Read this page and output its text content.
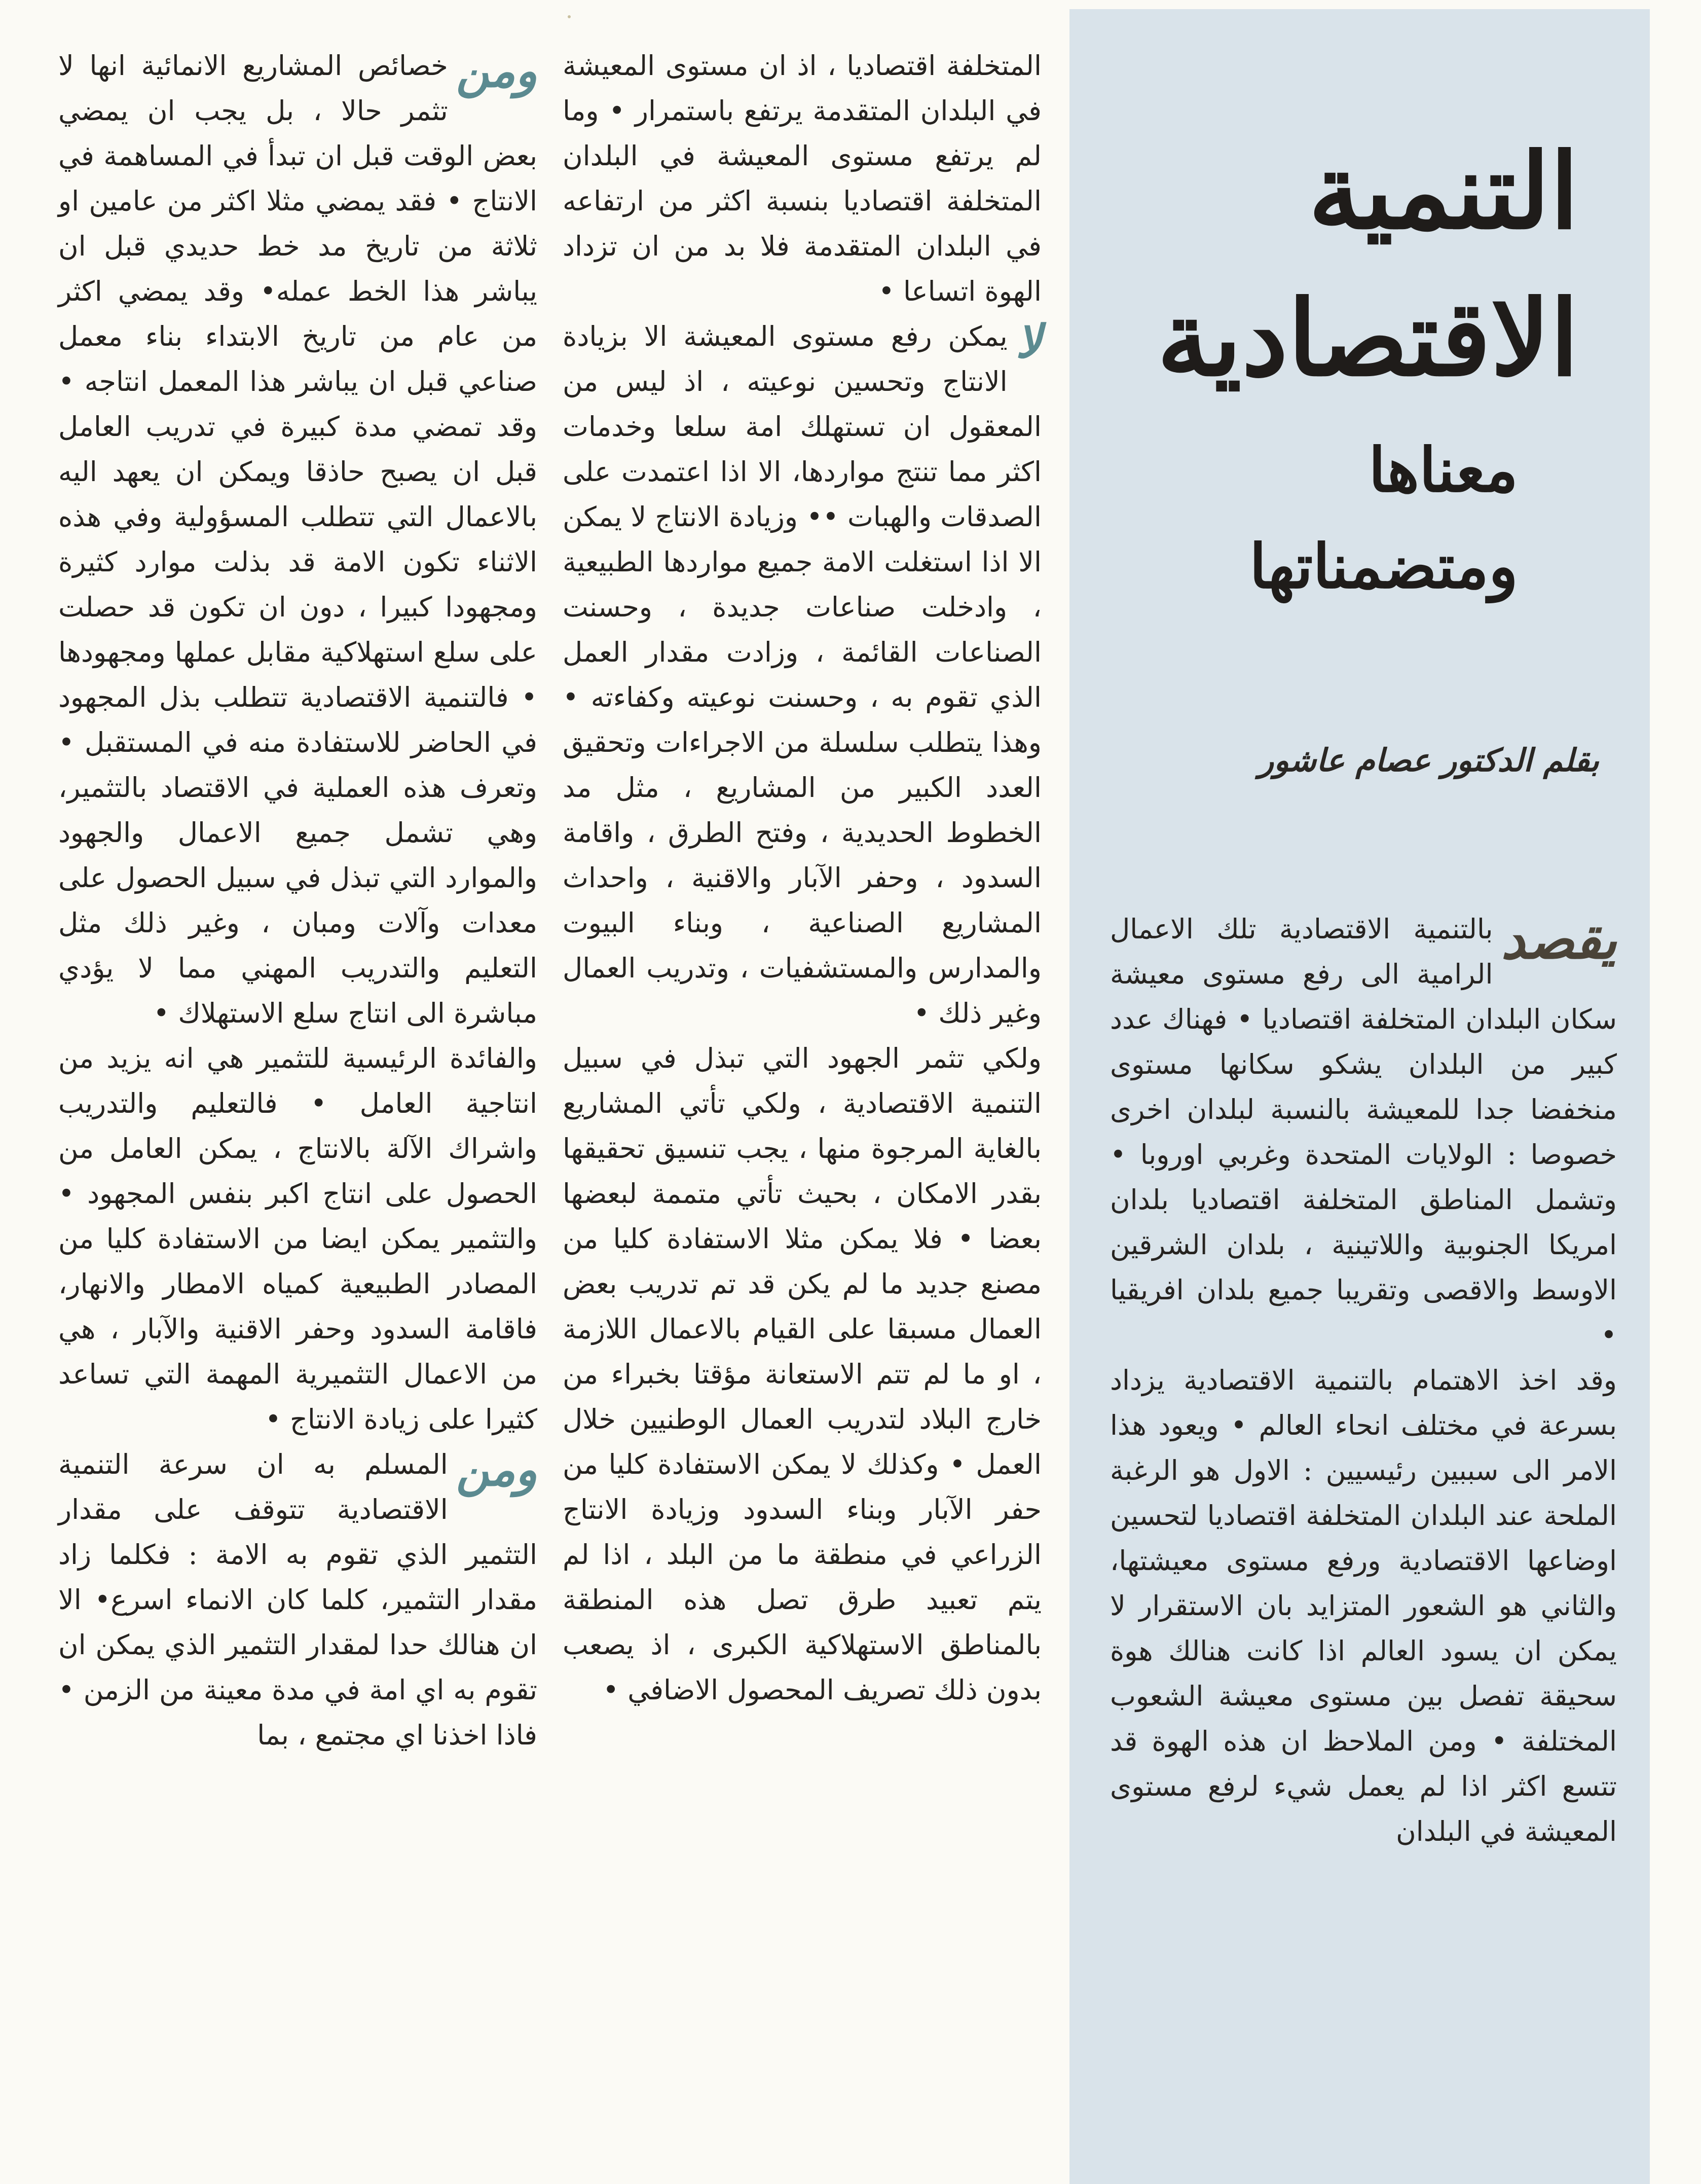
التنمية
الاقتصادية
معناها
ومتضمناتها
بقلم الدكتور عصام عاشور

يقصد
بالتنمية الاقتصادية تلك الاعمال الرامية الى رفع مستوى معيشة سكان البلدان المتخلفة اقتصاديا • فهناك عدد كبير من البلدان يشكو سكانها مستوى منخفضا جدا للمعيشة بالنسبة لبلدان اخرى خصوصا : الولايات المتحدة وغربي اوروبا • وتشمل المناطق المتخلفة اقتصاديا بلدان امريكا الجنوبية واللاتينية ، بلدان الشرقين الاوسط والاقصى وتقريبا جميع بلدان افريقيا •

وقد اخذ الاهتمام بالتنمية الاقتصادية يزداد بسرعة في مختلف انحاء العالم • ويعود هذا الامر الى سببين رئيسيين : الاول هو الرغبة الملحة عند البلدان المتخلفة اقتصاديا لتحسين اوضاعها الاقتصادية ورفع مستوى معيشتها، والثاني هو الشعور المتزايد بان الاستقرار لا يمكن ان يسود العالم اذا كانت هنالك هوة سحيقة تفصل بين مستوى معيشة الشعوب المختلفة • ومن الملاحظ ان هذه الهوة قد تتسع اكثر اذا لم يعمل شيء لرفع مستوى المعيشة في البلدان

المتخلفة اقتصاديا ، اذ ان مستوى المعيشة في البلدان المتقدمة يرتفع باستمرار • وما لم يرتفع مستوى المعيشة في البلدان المتخلفة اقتصاديا بنسبة اكثر من ارتفاعه في البلدان المتقدمة فلا بد من ان تزداد الهوة اتساعا •

لا
يمكن رفع مستوى المعيشة الا بزيادة الانتاج وتحسين نوعيته ، اذ ليس من المعقول ان تستهلك امة سلعا وخدمات اكثر مما تنتج مواردها، الا اذا اعتمدت على الصدقات والهبات •• وزيادة الانتاج لا يمكن الا اذا استغلت الامة جميع مواردها الطبيعية ، وادخلت صناعات جديدة ، وحسنت الصناعات القائمة ، وزادت مقدار العمل الذي تقوم به ، وحسنت نوعيته وكفاءته • وهذا يتطلب سلسلة من الاجراءات وتحقيق العدد الكبير من المشاريع ، مثل مد الخطوط الحديدية ، وفتح الطرق ، واقامة السدود ، وحفر الآبار والاقنية ، واحداث المشاريع الصناعية ، وبناء البيوت والمدارس والمستشفيات ، وتدريب العمال وغير ذلك •

ولكي تثمر الجهود التي تبذل في سبيل التنمية الاقتصادية ، ولكي تأتي المشاريع بالغاية المرجوة منها ، يجب تنسيق تحقيقها بقدر الامكان ، بحيث تأتي متممة لبعضها بعضا • فلا يمكن مثلا الاستفادة كليا من مصنع جديد ما لم يكن قد تم تدريب بعض العمال مسبقا على القيام بالاعمال اللازمة ، او ما لم تتم الاستعانة مؤقتا بخبراء من خارج البلاد لتدريب العمال الوطنيين خلال العمل • وكذلك لا يمكن الاستفادة كليا من حفر الآبار وبناء السدود وزيادة الانتاج الزراعي في منطقة ما من البلد ، اذا لم يتم تعبيد طرق تصل هذه المنطقة بالمناطق الاستهلاكية الكبرى ، اذ يصعب بدون ذلك تصريف المحصول الاضافي •

ومن
خصائص المشاريع الانمائية انها لا تثمر حالا ، بل يجب ان يمضي بعض الوقت قبل ان تبدأ في المساهمة في الانتاج • فقد يمضي مثلا اكثر من عامين او ثلاثة من تاريخ مد خط حديدي قبل ان يباشر هذا الخط عمله• وقد يمضي اكثر من عام من تاريخ الابتداء بناء معمل صناعي قبل ان يباشر هذا المعمل انتاجه • وقد تمضي مدة كبيرة في تدريب العامل قبل ان يصبح حاذقا ويمكن ان يعهد اليه بالاعمال التي تتطلب المسؤولية وفي هذه الاثناء تكون الامة قد بذلت موارد كثيرة ومجهودا كبيرا ، دون ان تكون قد حصلت على سلع استهلاكية مقابل عملها ومجهودها • فالتنمية الاقتصادية تتطلب بذل المجهود في الحاضر للاستفادة منه في المستقبل • وتعرف هذه العملية في الاقتصاد بالتثمير، وهي تشمل جميع الاعمال والجهود والموارد التي تبذل في سبيل الحصول على معدات وآلات ومبان ، وغير ذلك مثل التعليم والتدريب المهني مما لا يؤدي مباشرة الى انتاج سلع الاستهلاك •

والفائدة الرئيسية للتثمير هي انه يزيد من انتاجية العامل • فالتعليم والتدريب واشراك الآلة بالانتاج ، يمكن العامل من الحصول على انتاج اكبر بنفس المجهود • والتثمير يمكن ايضا من الاستفادة كليا من المصادر الطبيعية كمياه الامطار والانهار، فاقامة السدود وحفر الاقنية والآبار ، هي من الاعمال التثميرية المهمة التي تساعد كثيرا على زيادة الانتاج •

ومن
المسلم به ان سرعة التنمية الاقتصادية تتوقف على مقدار التثمير الذي تقوم به الامة : فكلما زاد مقدار التثمير، كلما كان الانماء اسرع• الا ان هنالك حدا لمقدار التثمير الذي يمكن ان تقوم به اي امة في مدة معينة من الزمن • فاذا اخذنا اي مجتمع ، بما
